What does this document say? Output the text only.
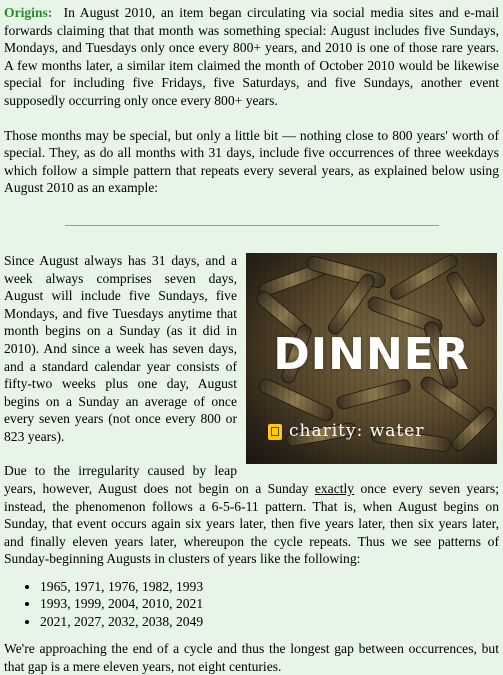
Origins: In August 2010, an item began circulating via social media sites and e-mail forwards claiming that that month was something special: August includes five Sundays, Mondays, and Tuesdays only once every 800+ years, and 2010 is one of those rare years. A few months later, a similar item claimed the month of October 2010 would be likewise special for including five Fridays, five Saturdays, and five Sundays, another event supposedly occurring only once every 800+ years.

Those months may be special, but only a little bit — nothing close to 800 years' worth of special. They, as do all months with 31 days, include five occurrences of three weekdays which follow a simple pattern that repeats every several years, as explained below using August 2010 as an example:

DINNER
charity: water

Since August always has 31 days, and a week always comprises seven days, August will include five Sundays, five Mondays, and five Tuesdays anytime that month begins on a Sunday (as it did in 2010). And since a week has seven days, and a standard calendar year consists of fifty-two weeks plus one day, August begins on a Sunday an average of once every seven years (not once every 800 or 823 years).

Due to the irregularity caused by leap years, however, August does not begin on a Sunday exactly once every seven years; instead, the phenomenon follows a 6-5-6-11 pattern. That is, when August begins on Sunday, that event occurs again six years later, then five years later, then six years later, and finally eleven years later, whereupon the cycle repeats. Thus we see patterns of Sunday-beginning Augusts in clusters of years like the following:

• 1965, 1971, 1976, 1982, 1993
• 1993, 1999, 2004, 2010, 2021
• 2021, 2027, 2032, 2038, 2049

We're approaching the end of a cycle and thus the longest gap between occurrences, but that gap is a mere eleven years, not eight centuries.
